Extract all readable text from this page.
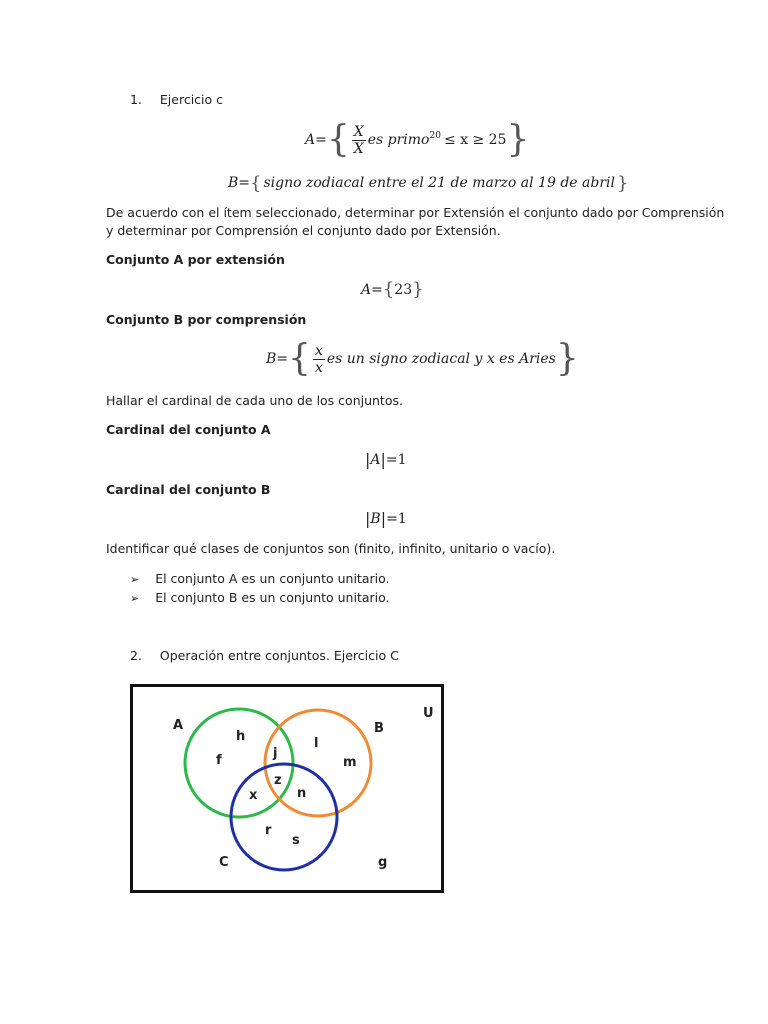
1. Ejercicio c
A= { $\frac{X}{X}$ es primo$^{20}$ ≤ x ≥ 25 }
B= { signo zodiacal entre el 21 de marzo al 19 de abril }
De acuerdo con el ítem seleccionado, determinar por Extensión el conjunto dado por Comprensión
y determinar por Comprensión el conjunto dado por Extensión.
Conjunto A por extensión
A= { 23 }
Conjunto B por comprensión
B= { $\frac{x}{x}$ es un signo zodiacal y x es Aries }
Hallar el cardinal de cada uno de los conjuntos.
Cardinal del conjunto A
| A | =1
Cardinal del conjunto B
| B | =1
Identificar qué clases de conjuntos son (finito, infinito, unitario o vacío).
➢ El conjunto A es un conjunto unitario.
➢ El conjunto B es un conjunto unitario.
2. Operación entre conjuntos. Ejercicio C
A	B
U
C
h
f	j
l
m
z
x	n
r
s
g
